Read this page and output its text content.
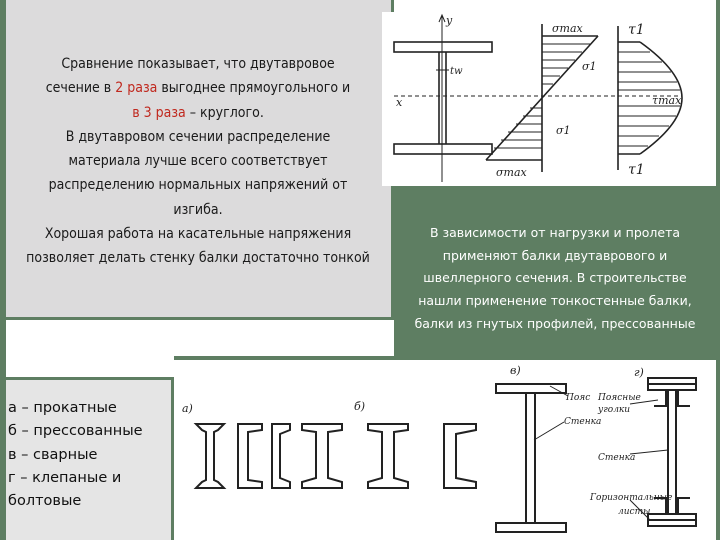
Сравнение показывает, что двутавровое
сечение в 2 раза выгоднее прямоугольного и
в 3 раза – круглого.
В двутавровом сечении распределение
материала лучше всего соответствует
распределению нормальных напряжений от
изгиба.
Хорошая работа на касательные напряжения
позволяет делать стенку балки достаточно тонкой
y
x
tw
σmax
σ1
σ1
σmax
τ1
τmax
τ1
В зависимости от нагрузки и пролета
применяют балки двутаврового и
швеллерного сечения. В строительстве
нашли применение тонкостенные балки,
балки из гнутых профилей, прессованные
а – прокатные
б – прессованные
в – сварные
г – клепаные и
болтовые
а)	б)
в)	г)
Пояс
Стенка
Поясные
уголки
Стенка
Горизонтальные
листы
